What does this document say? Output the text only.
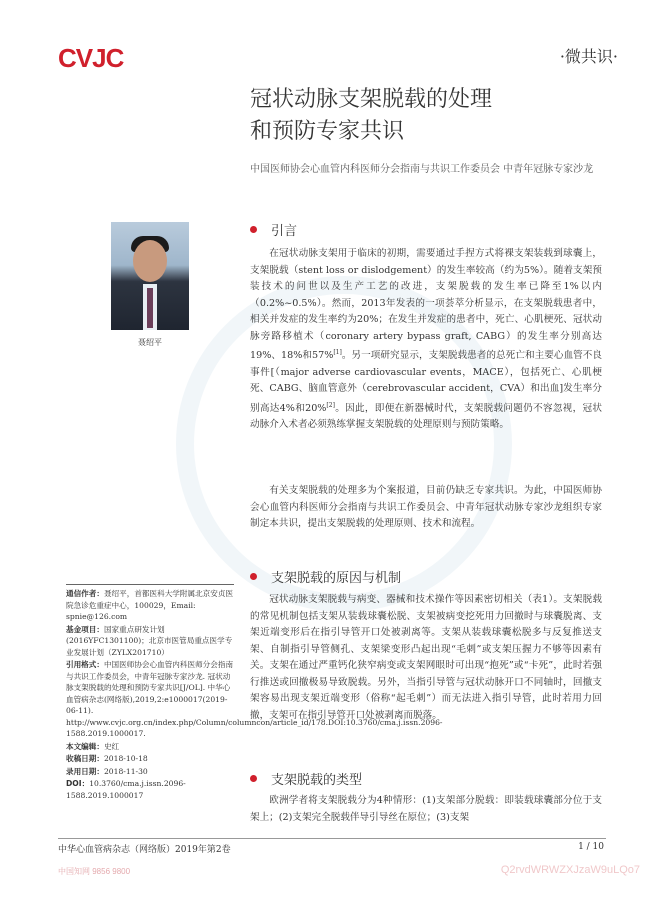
CVJC	·微共识·
冠状动脉支架脱载的处理
和预防专家共识
中国医师协会心血管内科医师分会指南与共识工作委员会 中青年冠脉专家沙龙
聂绍平
引言

在冠状动脉支架用于临床的初期，需要通过手捏方式将裸支架装载到球囊上，支架脱载（stent loss or dislodgement）的发生率较高（约为5%）。随着支架预装技术的问世以及生产工艺的改进，支架脱载的发生率已降至1%以内（0.2%~0.5%）。然而，2013年发表的一项荟萃分析显示，在支架脱载患者中，相关并发症的发生率约为20%；在发生并发症的患者中，死亡、心肌梗死、冠状动脉旁路移植术（coronary artery bypass graft, CABG）的发生率分别高达19%、18%和57%[1]。另一项研究显示，支架脱载患者的总死亡和主要心血管不良事件[（major adverse cardiovascular events，MACE），包括死亡、心肌梗死、CABG、脑血管意外（cerebrovascular accident，CVA）和出血]发生率分别高达4%和20%[2]。因此，即便在新器械时代，支架脱载问题仍不容忽视，冠状动脉介入术者必须熟练掌握支架脱载的处理原则与预防策略。

有关支架脱载的处理多为个案报道，目前仍缺乏专家共识。为此，中国医师协会心血管内科医师分会指南与共识工作委员会、中青年冠状动脉专家沙龙组织专家制定本共识，提出支架脱载的处理原则、技术和流程。

支架脱载的原因与机制

冠状动脉支架脱载与病变、器械和技术操作等因素密切相关（表1）。支架脱载的常见机制包括支架从装载球囊松脱、支架被病变挖死用力回撤时与球囊脱离、支架近端变形后在指引导管开口处被剥离等。支架从装载球囊松脱多与反复推送支架、自制指引导管侧孔、支架梁变形凸起出现“毛刺”或支架压握力不够等因素有关。支架在通过严重钙化狭窄病变或支架网眼时可出现“抱死”或“卡死”，此时若强行推送或回撤极易导致脱载。另外，当指引导管与冠状动脉开口不同轴时，回撤支架容易出现支架近端变形（俗称“起毛刺”）而无法进入指引导管，此时若用力回撤，支架可在指引导管开口处被剥离而脱落。

支架脱载的类型

欧洲学者将支架脱载分为4种情形：(1)支架部分脱载：即装载球囊部分位于支架上；(2)支架完全脱载伴导引导丝在原位；(3)支架

通信作者：聂绍平，首都医科大学附属北京安贞医院急诊危重症中心，100029，Email: spnie@126.com
基金项目：国家重点研发计划(2016YFC1301100)；北京市医管局重点医学专业发展计划（ZYLX201710）
引用格式：中国医师协会心血管内科医师分会指南与共识工作委员会，中青年冠脉专家沙龙. 冠状动脉支架脱载的处理和预防专家共识[J/OL]. 中华心血管病杂志(网络版),2019,2:e1000017(2019-06-11). http://www.cvjc.org.cn/index.php/Column/columncon/article_id/178.DOI:10.3760/cma.j.issn.2096-1588.2019.1000017.
本文编辑：史红
收稿日期：2018-10-18
录用日期：2018-11-30
DOI：10.3760/cma.j.issn.2096-1588.2019.1000017
中华心血管病杂志（网络版）2019年第2卷	1 / 10
中国知网 9856 9800	Q2rvdWRWZXJzaW9uLQo7
